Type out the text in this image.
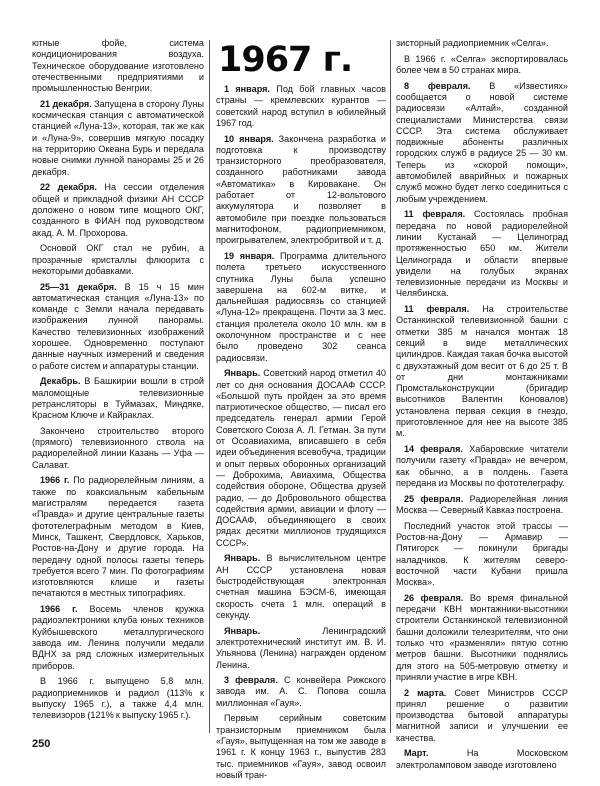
ютные фойе, система кондиционирования воздуха. Техническое оборудование изготовлено отечественными предприятиями и промышленностью Венгрии.

21 декабря. Запущена в сторону Луны космическая станция с автоматической станцией «Луна-13», которая, так же как и «Луна-9», совершив мягкую посадку на территорию Океана Бурь и передала новые снимки лунной панорамы 25 и 26 декабря.

22 декабря. На сессии отделения общей и прикладной физики АН СССР доложено о новом типе мощного ОКГ, созданного в ФИАН под руководством акад. А. М. Прохорова.

Основой ОКГ стал не рубин, а прозрачные кристаллы флюорита с некоторыми добавками.

25—31 декабря. В 15 ч 15 мин автоматическая станция «Луна-13» по команде с Земли начала передавать изображения лунной панорамы. Качество телевизионных изображений хорошее. Одновременно поступают данные научных измерений и сведения о работе систем и аппаратуры станции.

Декабрь. В Башкирии вошли в строй маломощные телевизионные ретрансляторы в Туймазах, Миндяке, Красном Ключе и Кайраклах.

Закончено строительство второго (прямого) телевизионного ствола на радиорелейной линии Казань — Уфа — Салават.

1966 г. По радиорелейным линиям, а также по коаксиальным кабельным магистралям передается газета «Правда» и другие центральные газеты фототелеграфным методом в Киев, Минск, Ташкент, Свердловск, Харьков, Ростов-на-Дону и другие города. На передачу одной полосы газеты теперь требуется всего 7 мин. По фотографиям изготовляются клише и газеты печатаются в местных типографиях.

1966 г. Восемь членов кружка радиоэлектроники клуба юных техников Куйбышевского металлургического завода им. Ленина получили медали ВДНХ за ряд сложных измерительных приборов.

В 1966 г. выпущено 5,8 млн. радиоприемников и радиол (113% к выпуску 1965 г.), а также 4,4 млн. телевизоров (121% к выпуску 1965 г.).

1967 г.

1 января. Под бой главных часов страны — кремлевских курантов — советский народ вступил в юбилейный 1967 год.

10 января. Закончена разработка и подготовка к производству транзисторного преобразователя, созданного работниками завода «Автоматика» в Кировакане. Он работает от 12-вольтового аккумулятора и позволяет в автомобиле при поездке пользоваться магнитофоном, радиоприемником, проигрывателем, электробритвой и т. д.

19 января. Программа длительного полета третьего искусственного спутника Луны была успешно завершена на 602-м витке, и дальнейшая радиосвязь со станцией «Луна-12» прекращена. Почти за 3 мес. станция пролетела около 10 млн. км в околочунном пространстве и с нее было проведено 302 сеанса радиосвязи.

Январь. Советский народ отметил 40 лет со дня основания ДОСААФ СССР. «Большой путь пройден за это время патриотическое общество, — писал его председатель генерал армии Герой Советского Союза А. Л. Гетман. За пути от Осоавиахима, вписавшего в себя идеи объединения всевобуча, традиции и опыт первых оборонных организаций — Доброхима, Авиахима, Общества содействия обороне, Общества друзей радио, — до Добровольного общества содействия армии, авиации и флоту — ДОСААФ, объединяющего в своих рядах десятки миллионов трудящихся СССР».

Январь. В вычислительном центре АН СССР установлена новая быстродействующая электронная счетная машина БЭСМ-6, имеющая скорость счета 1 млн. операций в секунду.

Январь.	Ленинградский электротехнический институт им. В. И. Ульянова (Ленина) награжден орденом Ленина.

3 февраля. С конвейера Рижского завода им. А. С. Попова сошла миллионная «Гауя».

Первым серийным советским транзисторным приемником была «Гауя», выпущенная на том же заводе в 1961 г. К концу 1963 г., выпустив 283 тыс. приемников «Гауя», завод освоил новый тран-

зисторный радиоприемник «Селга».

В 1966 г. «Селга» экспортировалась более чем в 50 странах мира.

8 февраля. В «Известиях» сообщается о новой системе радиосвязи «Алтай», созданной специалистами Министерства связи СССР. Эта система обслуживает подвижные абоненты различных городских служб в радиусе 25 — 30 км. Теперь из «скорой помощи», автомобилей аварийных и пожарных служб можно будет легко соединиться с любым учреждением.

11 февраля. Состоялась пробная передача по новой радиорелейной линии Кустанай — Целиноград протяженностью 650 км. Жители Целинограда и области впервые увидели на голубых экранах телевизионные передачи из Москвы и Челябинска.

11 февраля. На строительстве Останкинской телевизионной башни с отметки 385 м начался монтаж 18 секций в виде металлических цилиндров. Каждая такая бочка высотой с двухэтажный дом весит от 6 до 25 т. В от дни монтажниками Промстальконструкции (бригадир высотников Валентин Коновалов) установлена первая секция в гнездо, приготовленное для нее на высоте 385 м.

14 февраля. Хабаровские читатели получили газету «Правда» не вечером, как обычно, а в полдень. Газета передана из Москвы по фототелеграфу.

25 февраля. Радиорелейная линия Москва — Северный Кавказ построена.

Последний участок этой трассы — Ростов-на-Дону — Армавир — Пятигорск — покинули бригады наладчиков. К жителям северо-восточной части Кубани пришла Москва».

26 февраля. Во время финальной передачи КВН монтажники-высотники строители Останкинской телевизионной башни доложили телезрителям, что они только что «разменяли» пятую сотню метров башни. Высотники поднялись для этого на 505-метровую отметку и приняли участие в игре КВН.

2 марта. Совет Министров СССР принял решение о развитии производства бытовой аппаратуры магнитной записи и улучшении ее качества.

Март.	На Московском электроламповом заводе изготовлено

250
